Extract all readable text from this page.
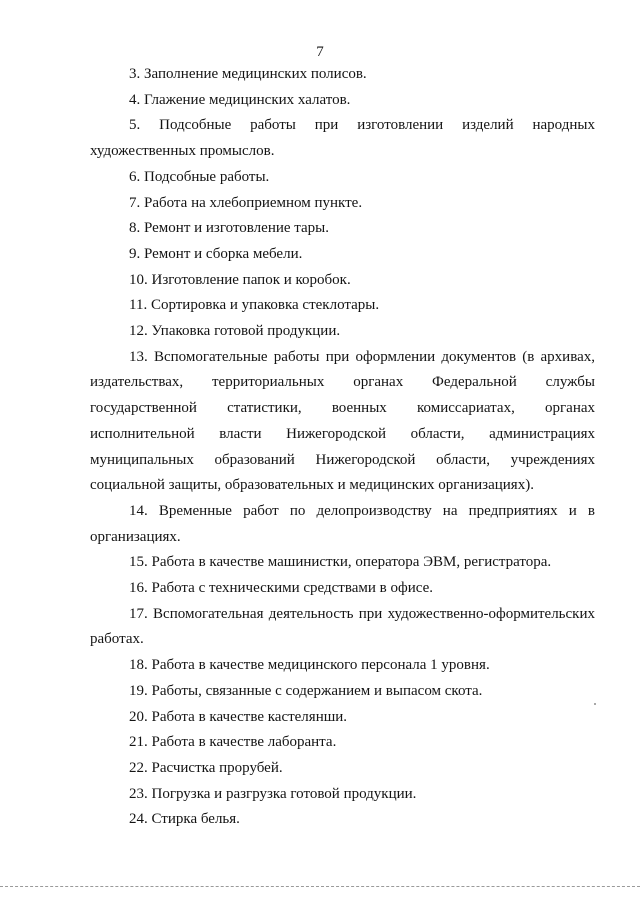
7

3. Заполнение медицинских полисов.

4. Глажение медицинских халатов.

5. Подсобные работы при изготовлении изделий народных художественных промыслов.

6. Подсобные работы.

7. Работа на хлебоприемном пункте.

8. Ремонт и изготовление тары.

9. Ремонт и сборка мебели.

10. Изготовление папок и коробок.

11. Сортировка и упаковка стеклотары.

12. Упаковка готовой продукции.

13. Вспомогательные работы при оформлении документов (в архивах, издательствах, территориальных органах Федеральной службы государственной статистики, военных комиссариатах, органах исполнительной власти Нижегородской области, администрациях муниципальных образований Нижегородской области, учреждениях социальной защиты, образовательных и медицинских организациях).

14. Временные работ по делопроизводству на предприятиях и в организациях.

15. Работа в качестве машинистки, оператора ЭВМ, регистратора.

16. Работа с техническими средствами в офисе.

17. Вспомогательная деятельность при художественно-оформительских работах.

18. Работа в качестве медицинского персонала 1 уровня.

19. Работы, связанные с содержанием и выпасом скота.

20. Работа в качестве кастелянши.

21. Работа в качестве лаборанта.

22. Расчистка прорубей.

23. Погрузка и разгрузка готовой продукции.

24. Стирка белья.
